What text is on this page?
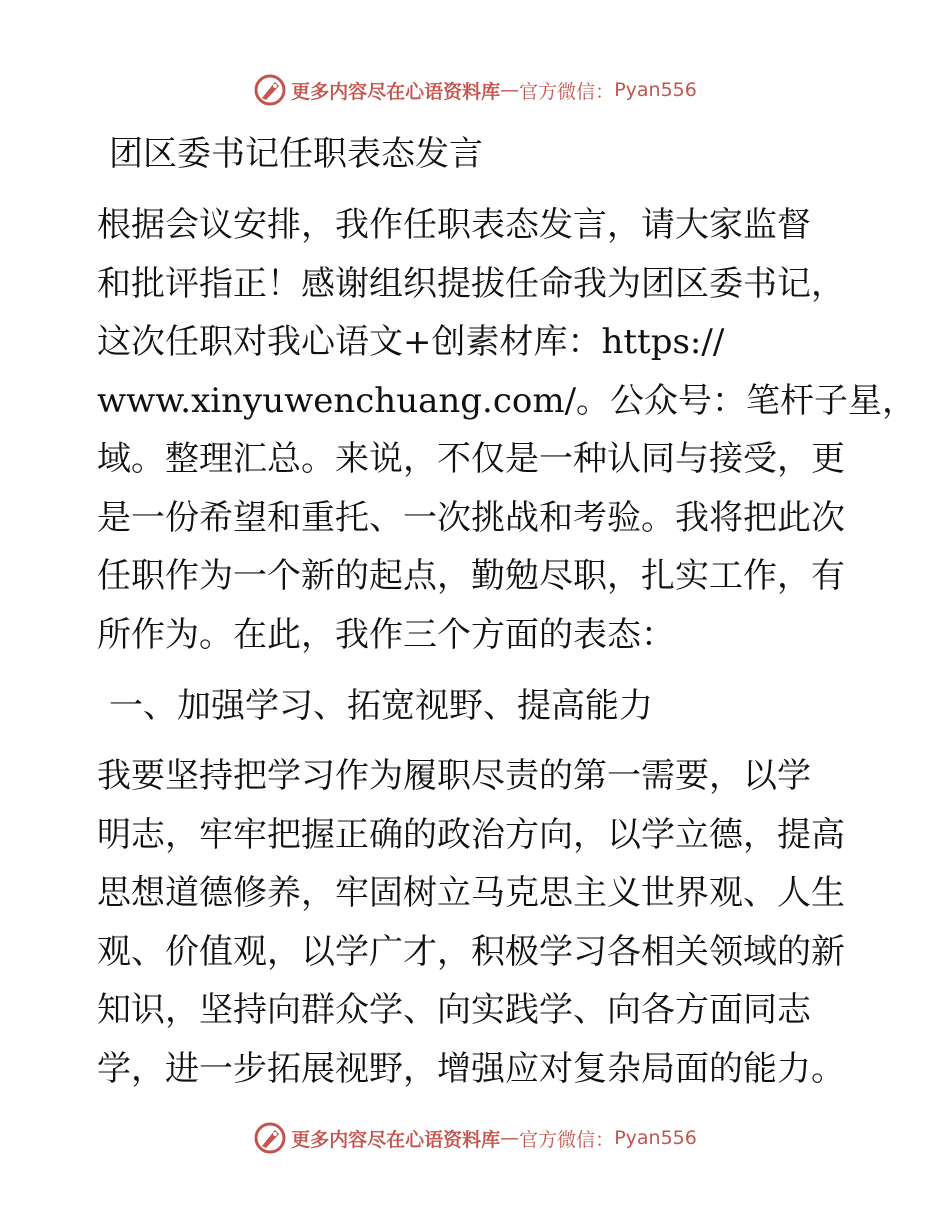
更多内容尽在心语资料库 — 官方微信： Pyan556
团区委书记任职表态发言
根据会议安排，我作任职表态发言，请大家监督
和批评指正！感谢组织提拔任命我为团区委书记，
这次任职对我心语文+创素材库：https://
www.xinyuwenchuang.com/。公众号：笔杆子星，
域。整理汇总。来说，不仅是一种认同与接受，更
是一份希望和重托、一次挑战和考验。我将把此次
任职作为一个新的起点，勤勉尽职，扎实工作，有
所作为。在此，我作三个方面的表态：
一、加强学习、拓宽视野、提高能力
我要坚持把学习作为履职尽责的第一需要，以学
明志，牢牢把握正确的政治方向，以学立德，提高
思想道德修养，牢固树立马克思主义世界观、人生
观、价值观，以学广才，积极学习各相关领域的新
知识，坚持向群众学、向实践学、向各方面同志
学，进一步拓展视野，增强应对复杂局面的能力。
更多内容尽在心语资料库 — 官方微信： Pyan556
